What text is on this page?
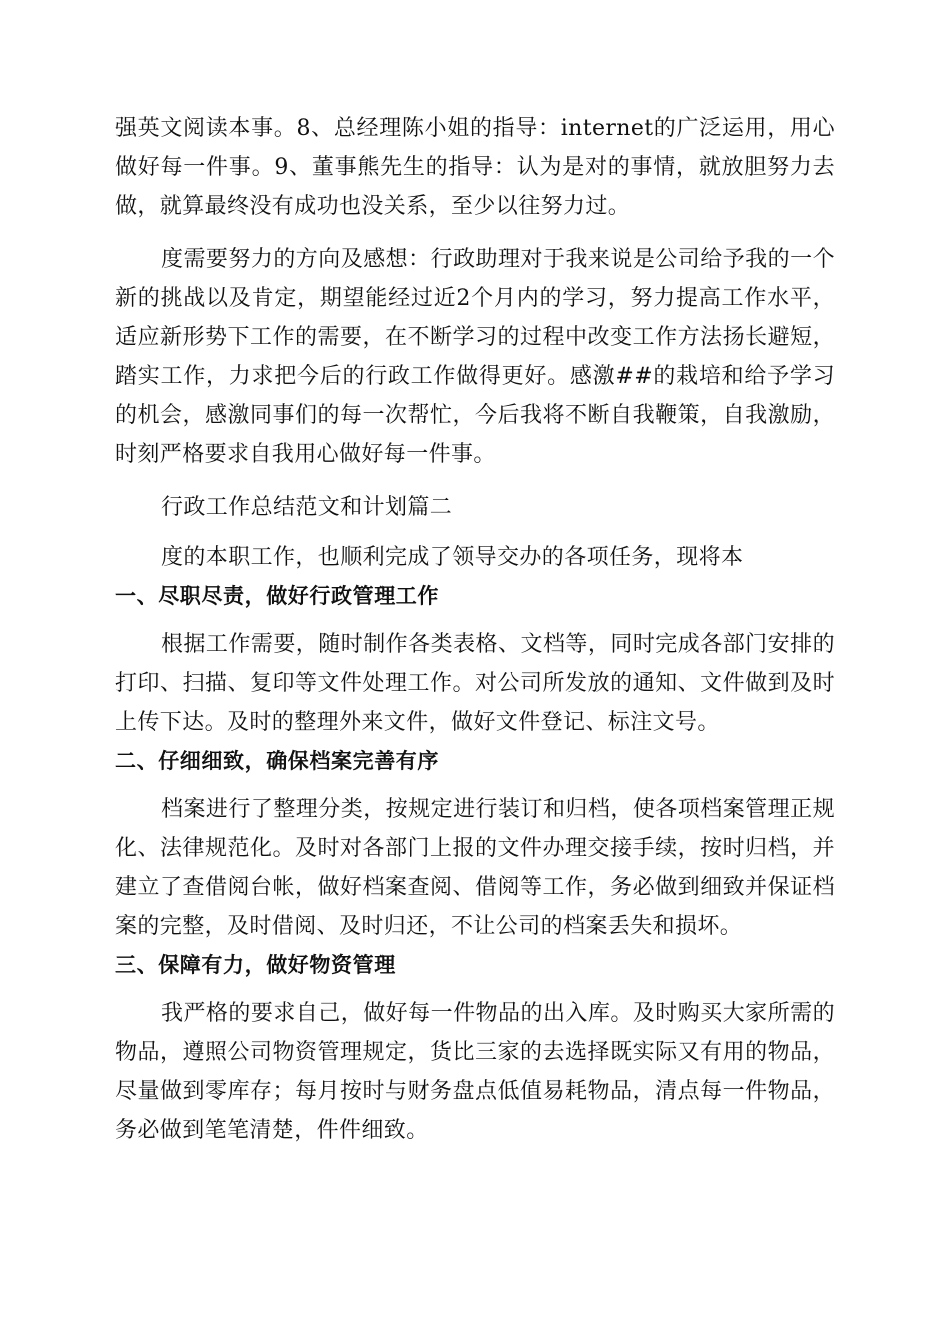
强英文阅读本事。8、总经理陈小姐的指导：internet的广泛运用，用心做好每一件事。9、董事熊先生的指导：认为是对的事情，就放胆努力去做，就算最终没有成功也没关系，至少以往努力过。

度需要努力的方向及感想：行政助理对于我来说是公司给予我的一个新的挑战以及肯定，期望能经过近2个月内的学习，努力提高工作水平，适应新形势下工作的需要，在不断学习的过程中改变工作方法扬长避短，踏实工作，力求把今后的行政工作做得更好。感激##的栽培和给予学习的机会，感激同事们的每一次帮忙，今后我将不断自我鞭策，自我激励，时刻严格要求自我用心做好每一件事。

行政工作总结范文和计划篇二

度的本职工作，也顺利完成了领导交办的各项任务，现将本

一、尽职尽责，做好行政管理工作

根据工作需要，随时制作各类表格、文档等，同时完成各部门安排的打印、扫描、复印等文件处理工作。对公司所发放的通知、文件做到及时上传下达。及时的整理外来文件，做好文件登记、标注文号。

二、仔细细致，确保档案完善有序

档案进行了整理分类，按规定进行装订和归档，使各项档案管理正规化、法律规范化。及时对各部门上报的文件办理交接手续，按时归档，并建立了查借阅台帐，做好档案查阅、借阅等工作，务必做到细致并保证档案的完整，及时借阅、及时归还，不让公司的档案丢失和损坏。

三、保障有力，做好物资管理

我严格的要求自己，做好每一件物品的出入库。及时购买大家所需的物品，遵照公司物资管理规定，货比三家的去选择既实际又有用的物品，尽量做到零库存；每月按时与财务盘点低值易耗物品，清点每一件物品，务必做到笔笔清楚，件件细致。
